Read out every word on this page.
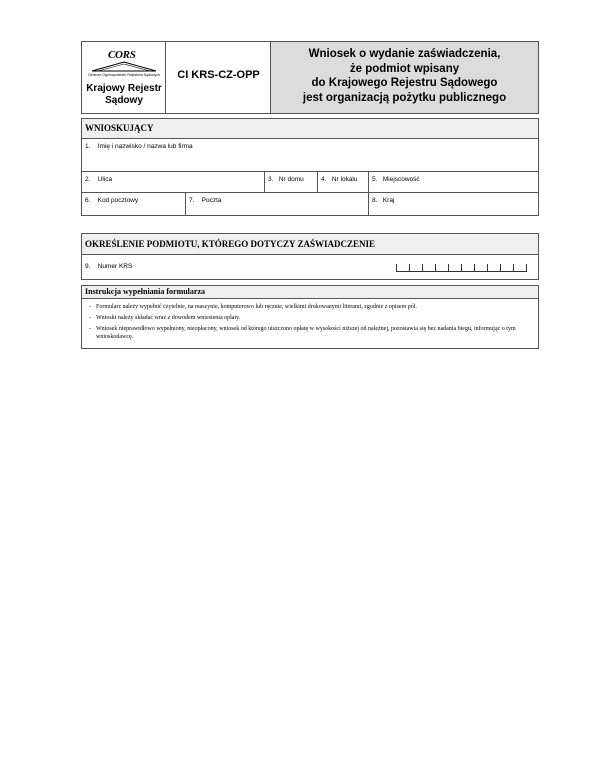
CORS
Centrum Ogólnopolskich Rejestrów Sądowych
Krajowy Rejestr
Sądowy
CI KRS-CZ-OPP
Wniosek o wydanie zaświadczenia,
że podmiot wpisany
do Krajowego Rejestru Sądowego
jest organizacją pożytku publicznego
WNIOSKUJĄCY
1. Imię i nazwisko / nazwa lub firma
2. Ulica	3. Nr domu	4. Nr lokalu 5. Miejscowość
6. Kod pocztowy	7. Poczta	8. Kraj
OKREŚLENIE PODMIOTU, KTÓREGO DOTYCZY ZAŚWIADCZENIE
9. Numer KRS
Instrukcja wypełniania formularza
- Formularz należy wypełnić czytelnie, na maszynie, komputerowo lub ręcznie, wielkimi drukowanymi literami, zgodnie z opisem pól.
- Wnioski należy składać wraz z dowodem wniesienia opłaty.
- Wniosek nieprawidłowo wypełniony, nieopłacony, wniosek od którego uiszczono opłatę w wysokości niższej od należnej, pozostawia się bez nadania biegu, informując o tym wnioskodawcę.
